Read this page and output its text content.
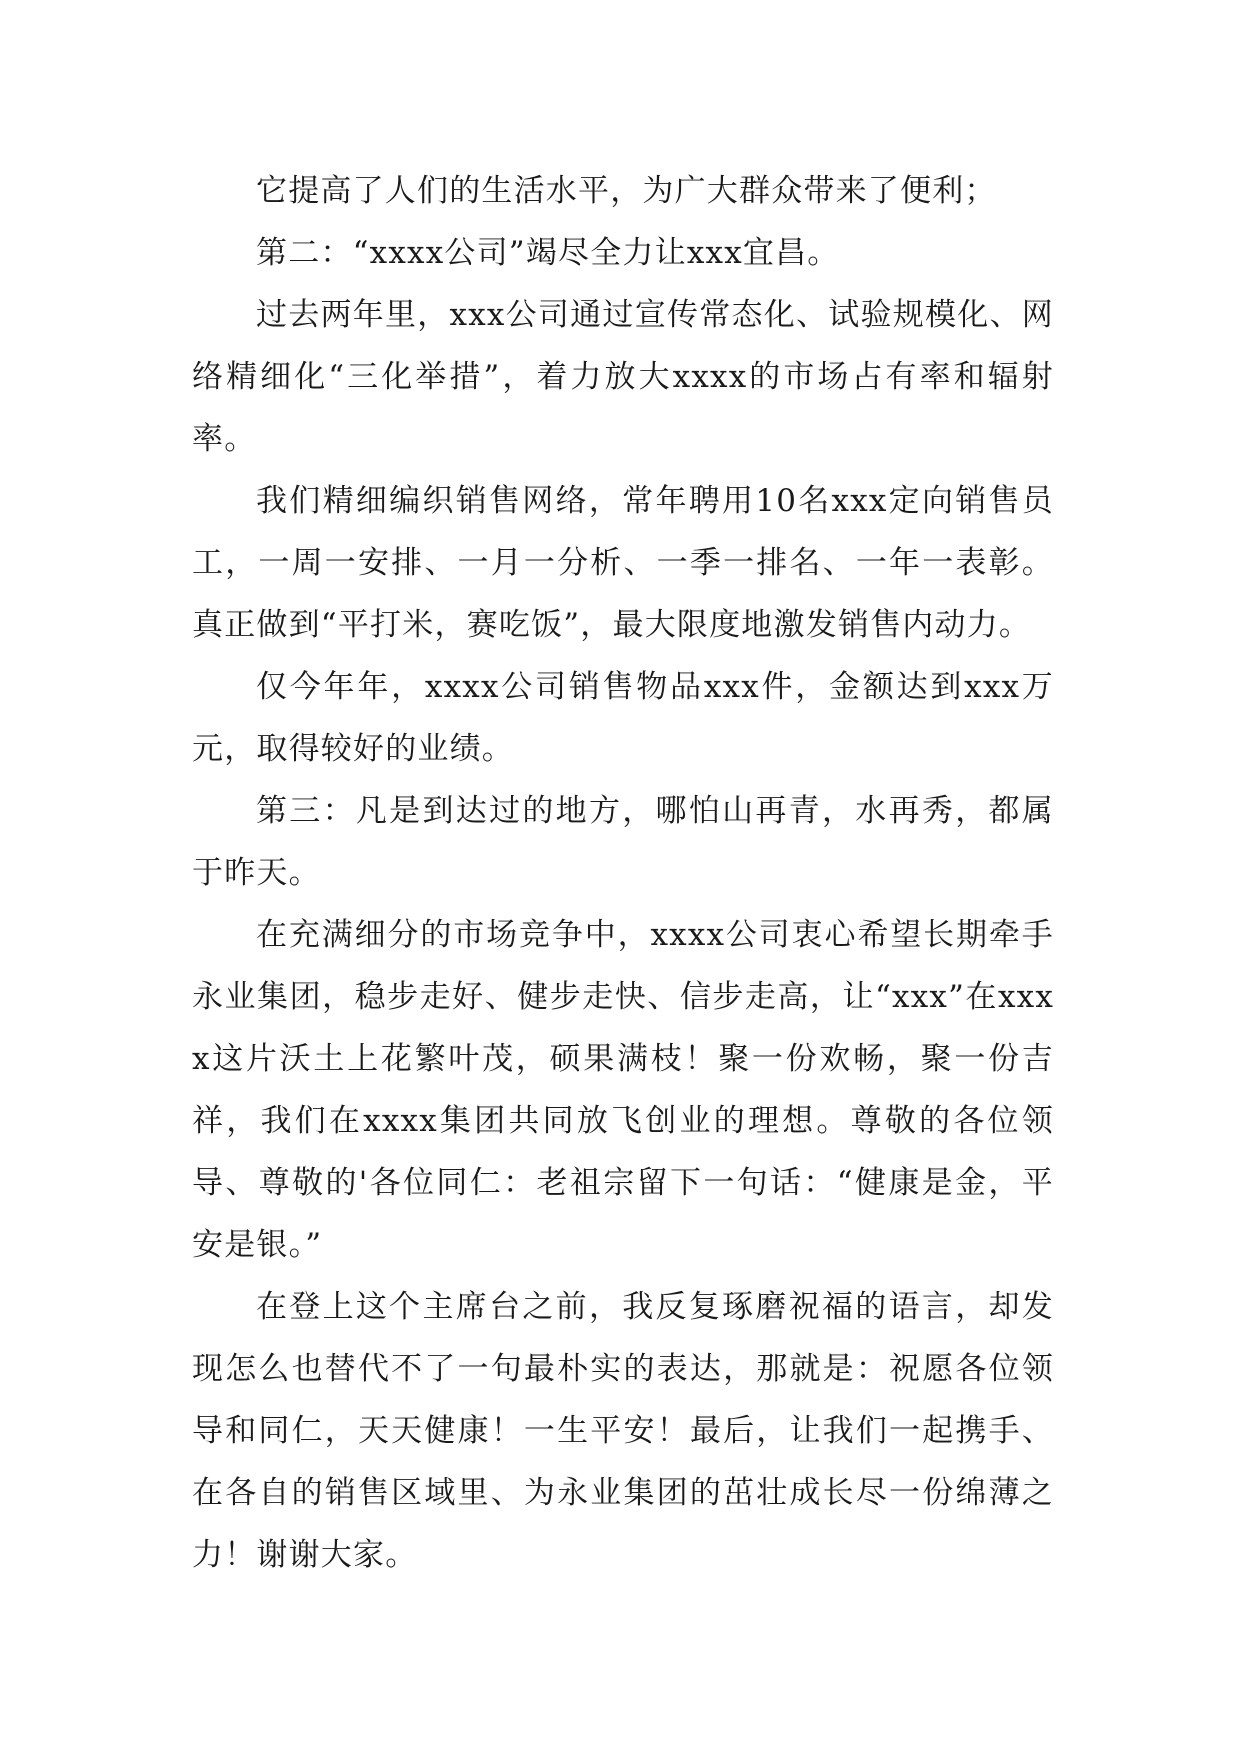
它提高了人们的生活水平，为广大群众带来了便利；

第二：“xxxx公司”竭尽全力让xxx宜昌。

过去两年里，xxx公司通过宣传常态化、试验规模化、网络精细化“三化举措”，着力放大xxxx的市场占有率和辐射率。

我们精细编织销售网络，常年聘用10名xxx定向销售员工，一周一安排、一月一分析、一季一排名、一年一表彰。真正做到“平打米，赛吃饭”，最大限度地激发销售内动力。

仅今年年，xxxx公司销售物品xxx件，金额达到xxx万元，取得较好的业绩。

第三：凡是到达过的地方，哪怕山再青，水再秀，都属于昨天。

在充满细分的市场竞争中，xxxx公司衷心希望长期牵手永业集团，稳步走好、健步走快、信步走高，让“xxx”在xxxx这片沃土上花繁叶茂，硕果满枝！聚一份欢畅，聚一份吉祥，我们在xxxx集团共同放飞创业的理想。尊敬的各位领导、尊敬的'各位同仁：老祖宗留下一句话：“健康是金，平安是银。”

在登上这个主席台之前，我反复琢磨祝福的语言，却发现怎么也替代不了一句最朴实的表达，那就是：祝愿各位领导和同仁，天天健康！一生平安！最后，让我们一起携手、在各自的销售区域里、为永业集团的茁壮成长尽一份绵薄之力！谢谢大家。
